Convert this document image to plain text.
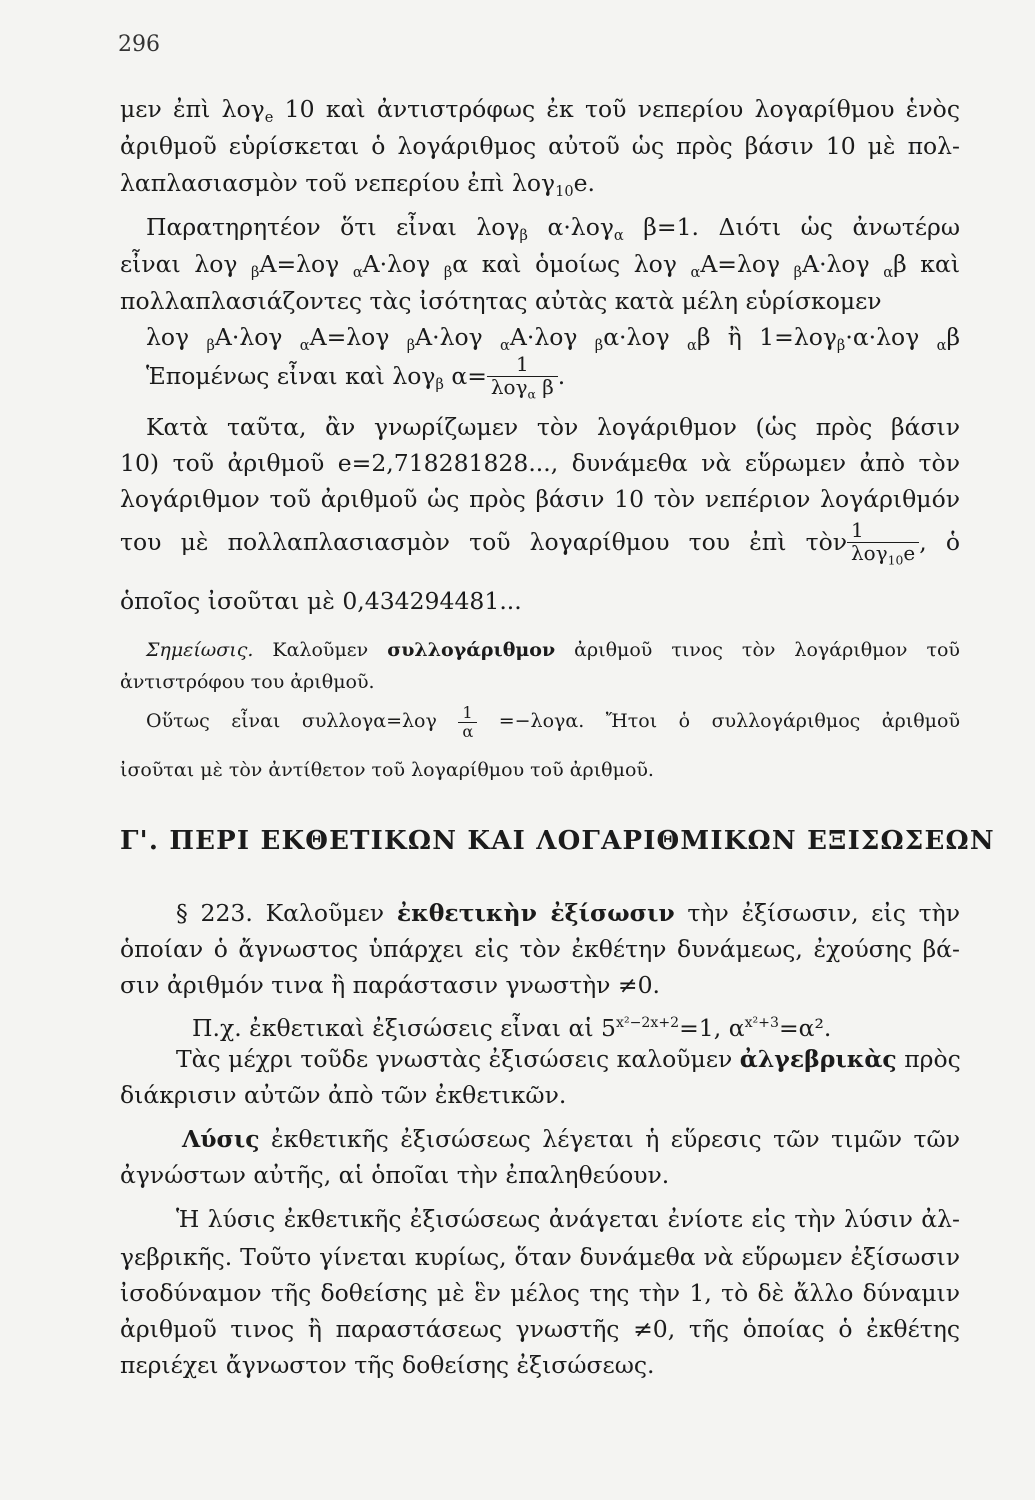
296
μεν ἐπὶ λογ$_e$ 10 καὶ ἀντιστρόφως ἐκ τοῦ νεπερίου λογαρίθμου ἑνὸς
ἀριθμοῦ εὑρίσκεται ὁ λογάριθμος αὐτοῦ ὡς πρὸς βάσιν 10 μὲ πολ-
λαπλασιασμὸν τοῦ νεπερίου ἐπὶ λογ$_{10}$e.
Παρατηρητέον ὅτι εἶναι λογ$_\beta$ α·λογ$_\alpha$ β=1. Διότι ὡς ἀνωτέρω
εἶναι λογ $_\beta$Α=λογ $_\alpha$Α·λογ $_\beta$α καὶ ὁμοίως λογ $_\alpha$Α=λογ $_\beta$Α·λογ $_\alpha$β καὶ
πολλαπλασιάζοντες τὰς ἰσότητας αὐτὰς κατὰ μέλη εὑρίσκομεν
λογ $_\beta$Α·λογ $_\alpha$Α=λογ $_\beta$Α·λογ $_\alpha$Α·λογ $_\beta$α·λογ $_\alpha$β ἢ 1=λογ$_\beta$·α·λογ $_\alpha$β
Ἑπομένως εἶναι καὶ λογ$_\beta$ $\alpha= \frac{1}{\lambda o\gamma_\alpha \beta}$ .
Κατὰ ταῦτα, ἂν γνωρίζωμεν τὸν λογάριθμον (ὡς πρὸς βάσιν
10) τοῦ ἀριθμοῦ e=2,718281828..., δυνάμεθα νὰ εὕρωμεν ἀπὸ τὸν
λογάριθμον τοῦ ἀριθμοῦ ὡς πρὸς βάσιν 10 τὸν νεπέριον λογάριθμόν
του μὲ πολλαπλασιασμὸν τοῦ λογαρίθμου του ἐπὶ τὸν $\frac{1}{\lambda o\gamma_{10}e}$ , ὁ
ὁποῖος ἰσοῦται μὲ 0,434294481...
Σημείωσις. Καλοῦμεν συλλογάριθμον ἀριθμοῦ τινος τὸν λογάριθμον τοῦ
ἀντιστρόφου του ἀριθμοῦ.
Οὕτως εἶναι $\sigma\upsilon\lambda\lambda o\gamma\alpha=\lambda o\gamma \frac{1}{\alpha} =-\lambda o\gamma\alpha$. Ἤτοι ὁ συλλογάριθμος ἀριθμοῦ
ἰσοῦται μὲ τὸν ἀντίθετον τοῦ λογαρίθμου τοῦ ἀριθμοῦ.
Γ'. ΠΕΡΙ ΕΚΘΕΤΙΚΩΝ ΚΑΙ ΛΟΓΑΡΙΘΜΙΚΩΝ ΕΞΙΣΩΣΕΩΝ
§ 223. Καλοῦμεν ἐκθετικὴν ἐξίσωσιν τὴν ἐξίσωσιν, εἰς τὴν
ὁποίαν ὁ ἄγνωστος ὑπάρχει εἰς τὸν ἐκθέτην δυνάμεως, ἐχούσης βά-
σιν ἀριθμόν τινα ἢ παράστασιν γνωστὴν ≠0.
Π.χ. ἐκθετικαὶ ἐξισώσεις εἶναι αἱ $5^{x^2-2x+2}=1$, $\alpha^{x^2+3}=\alpha^2$.
Τὰς μέχρι τοῦδε γνωστὰς ἐξισώσεις καλοῦμεν ἀλγεβρικὰς πρὸς
διάκρισιν αὐτῶν ἀπὸ τῶν ἐκθετικῶν.
Λύσις ἐκθετικῆς ἐξισώσεως λέγεται ἡ εὕρεσις τῶν τιμῶν τῶν
ἀγνώστων αὐτῆς, αἱ ὁποῖαι τὴν ἐπαληθεύουν.
Ἡ λύσις ἐκθετικῆς ἐξισώσεως ἀνάγεται ἐνίοτε εἰς τὴν λύσιν ἀλ-
γεβρικῆς. Τοῦτο γίνεται κυρίως, ὅταν δυνάμεθα νὰ εὕρωμεν ἐξίσωσιν
ἰσοδύναμον τῆς δοθείσης μὲ ἓν μέλος της τὴν 1, τὸ δὲ ἄλλο δύναμιν
ἀριθμοῦ τινος ἢ παραστάσεως γνωστῆς ≠0, τῆς ὁποίας ὁ ἐκθέτης
περιέχει ἄγνωστον τῆς δοθείσης ἐξισώσεως.
